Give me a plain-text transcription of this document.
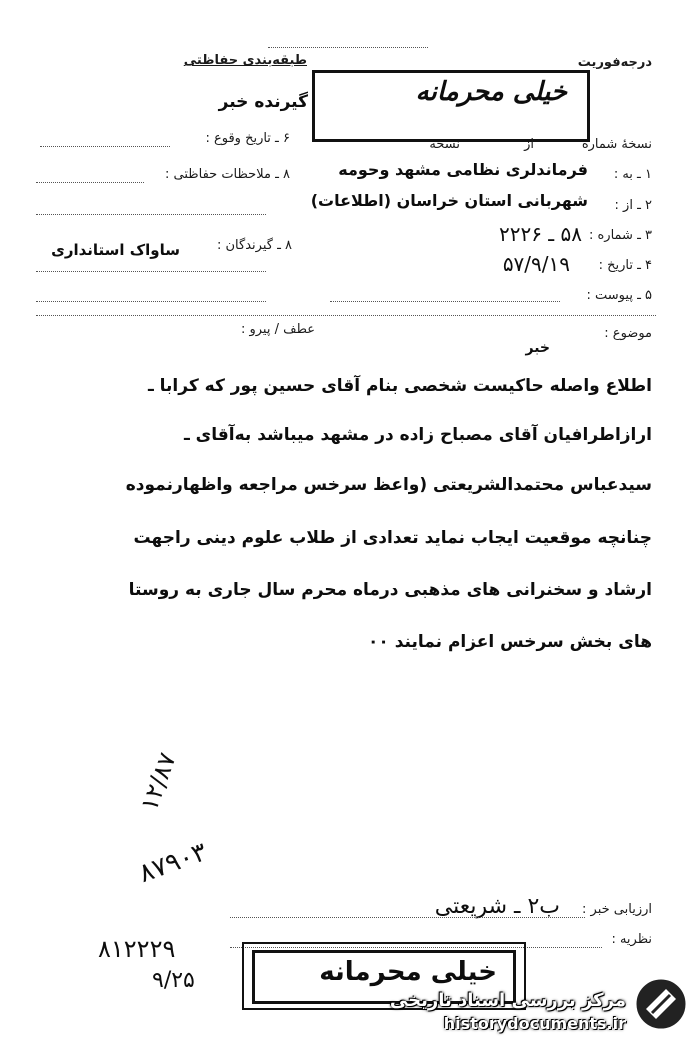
درجه‌فوریت
طبقه‌بندی حفاظتی
خیلی محرمانه
گیرنده خبر
نسخهٔ شماره
از
نسخه
۶ ـ تاریخ وقوع :
۱ ـ به :
فرماندلری نظامی مشهد وحومه
۸ ـ ملاحظات حفاظتی :
۲ ـ از :
شهربانی استان خراسان (اطلاعات)
۳ ـ شماره :
۵۸ ـ ۲۲۲۶
۸ ـ گیرندگان :
ساواک استانداری
۴ ـ تاریخ :
۵۷/۹/۱۹
۵ ـ پیوست :
موضوع :
خبر
عطف / پیرو :
اطلاع واصله حاکیست شخصی بنام آقای حسین پور که کرابا ـ
ارازاطرافیان آقای مصباح زاده در مشهد میباشد به‌آقای ـ
سیدعباس محتمدالشریعتی (واعظ سرخس مراجعه واظهارنموده
چنانچه موقعیت ایجاب نماید تعدادی از طلاب علوم دینی راجهت
ارشاد و سخنرانی های مذهبی درماه محرم سال جاری به روستا
های بخش سرخس اعزام نمایند ۰۰
۱۲/۸۷
۸۷۹۰۳
ارزیابی خبر :
ب۲ ـ شریعتی
نظریه :
۸۱۲۲۲۹
۹/۲۵	خیلی محرمانه
مرکز بررسی اسناد تاریخی
historydocuments.ir
